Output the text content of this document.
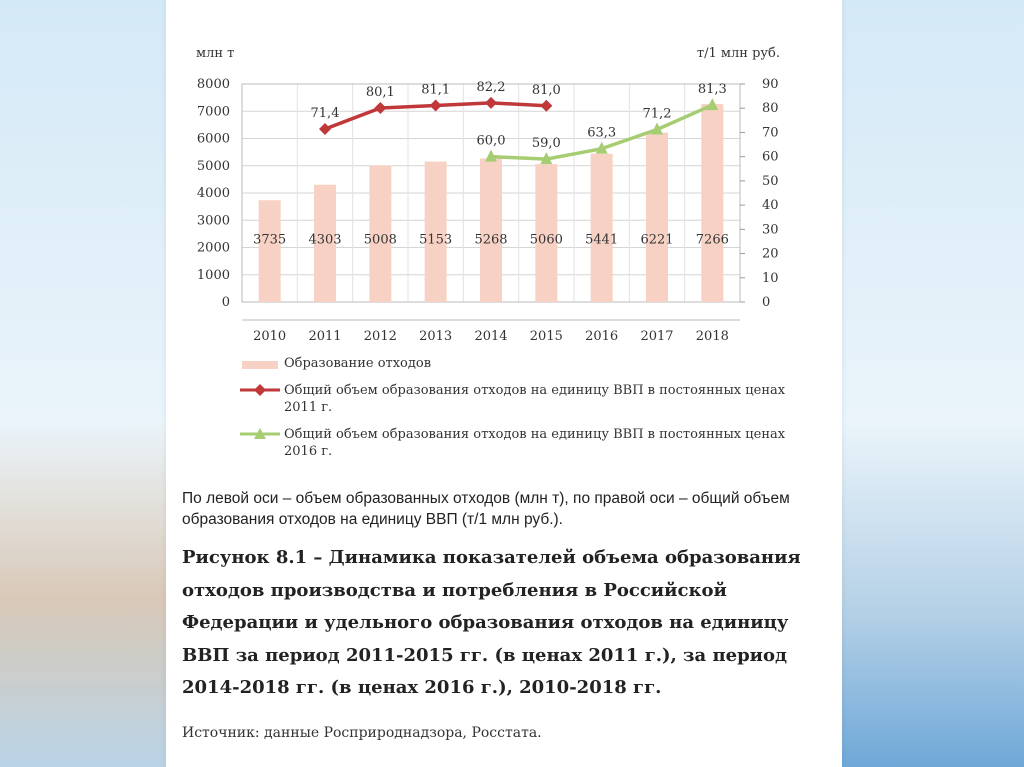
млн т	т/1 млн руб.
3735 4303 5008 5153 5268 5060 5441 6221 7266
71,4
80,1 81,1 82,2 81,0
60,0 59,0
63,3
71,2
81,3
0
1000
2000
3000
4000
5000
6000
7000
8000
0
10
20
30
40
50
60
70
80
90
2010 2011 2012 2013 2014 2015 2016 2017 2018
Образование отходов
Общий объем образования отходов на единицу ВВП в постоянных ценах 2011 г.
Общий объем образования отходов на единицу ВВП в постоянных ценах 2016 г.
По левой оси – объем образованных отходов (млн т), по правой оси – общий объем образования отходов на единицу ВВП (т/1 млн руб.).
Рисунок 8.1 – Динамика показателей объема образования отходов производства и потребления в Российской Федерации и удельного образования отходов на единицу ВВП за период 2011-2015 гг. (в ценах 2011 г.), за период 2014-2018 гг. (в ценах 2016 г.), 2010-2018 гг.
Источник: данные Росприроднадзора, Росстата.
